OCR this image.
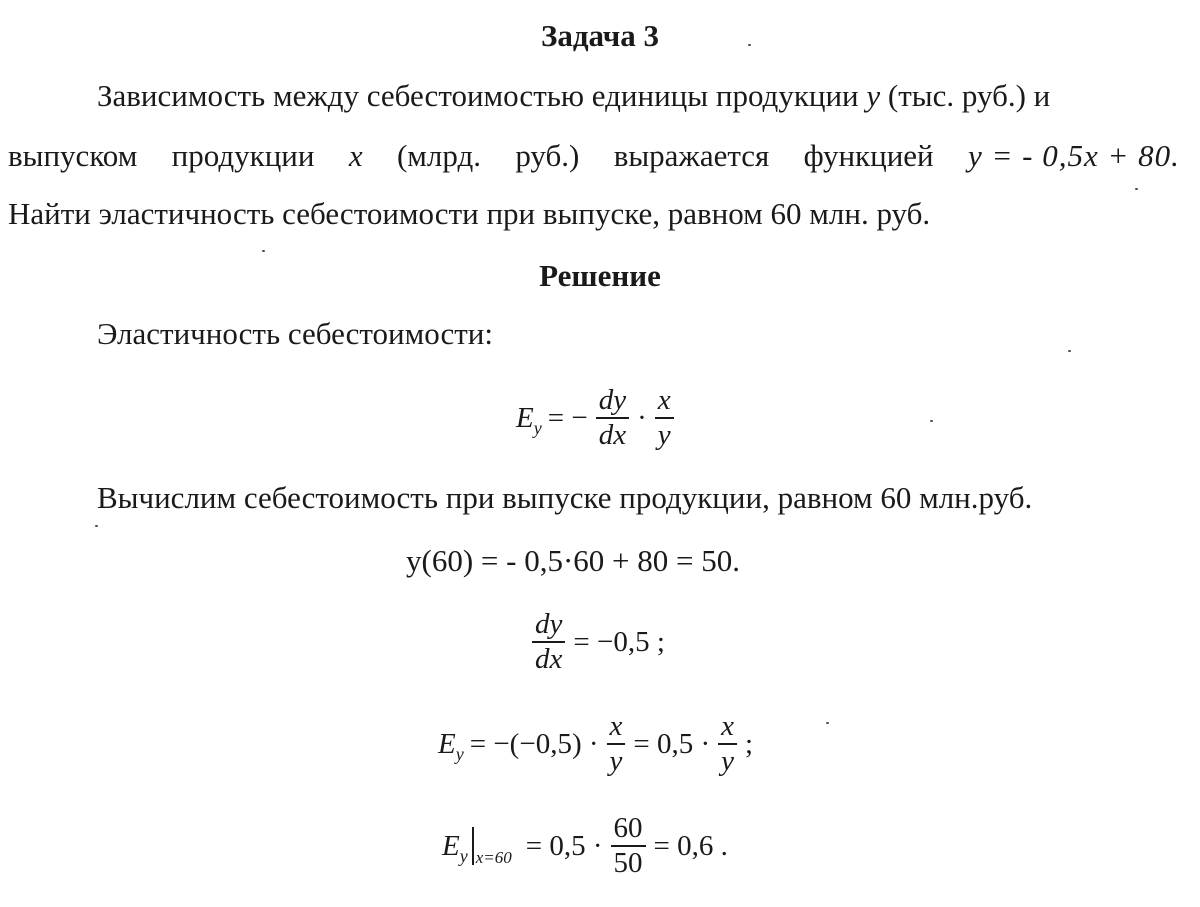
Задача 3
Зависимость между себестоимостью единицы продукции у (тыс. руб.) и
выпуском продукции х (млрд. руб.) выражается функцией у = - 0,5х + 80.
Найти эластичность себестоимости при выпуске, равном 60 млн. руб.
Решение
Эластичность себестоимости:
E y = − $\frac{dy}{dx} \cdot \frac{x}{y}$
Вычислим себестоимость при выпуске продукции, равном 60 млн.руб.
у(60) = - 0,5·60 + 80 = 50.
$\frac{dy}{dx} = -0,5$ ;
E $y = -(-0,5) \cdot \frac{x}{y} = 0,5 \cdot \frac{x}{y}$ ;
E y $x=60 = 0,5 \cdot \frac{60}{50} = 0,6$ .
